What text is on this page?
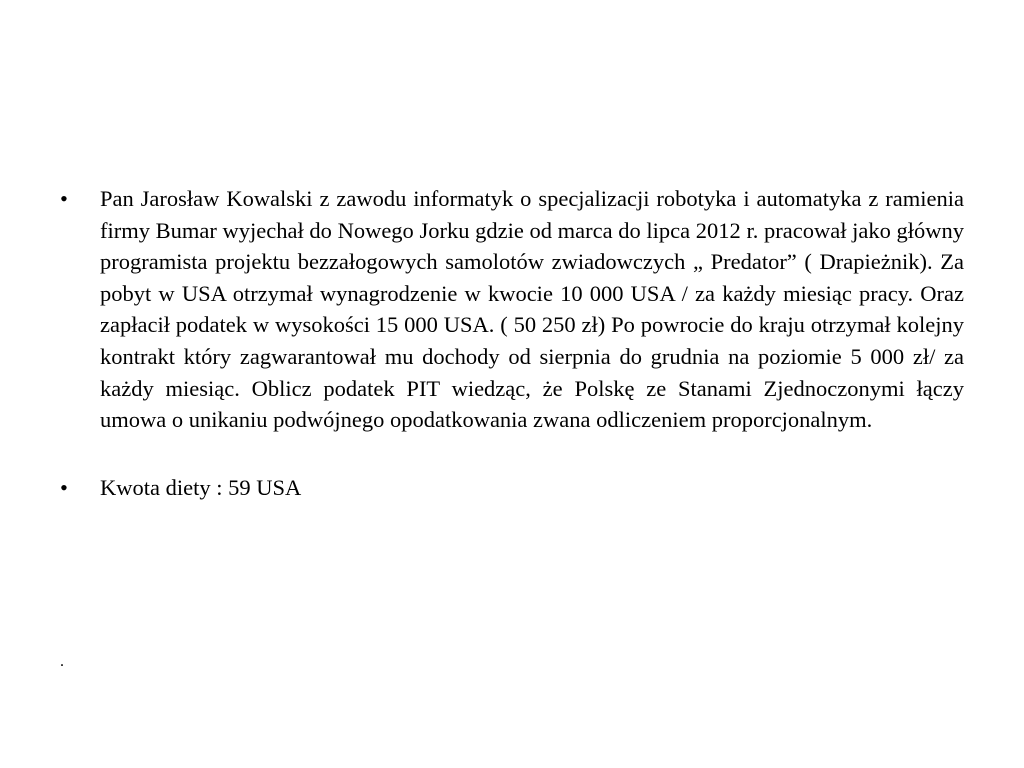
•	Pan Jarosław Kowalski z zawodu informatyk o specjalizacji robotyka i automatyka z ramienia firmy Bumar wyjechał do Nowego Jorku gdzie od marca do lipca 2012 r. pracował jako główny programista projektu bezzałogowych samolotów zwiadowczych „ Predator” ( Drapieżnik). Za pobyt w USA otrzymał wynagrodzenie w kwocie 10 000 USA / za każdy miesiąc pracy. Oraz zapłacił podatek w wysokości 15 000 USA. ( 50 250 zł) Po powrocie do kraju otrzymał kolejny kontrakt który zagwarantował mu dochody od sierpnia do grudnia na poziomie 5 000 zł/ za każdy miesiąc. Oblicz podatek PIT wiedząc, że Polskę ze Stanami Zjednoczonymi łączy umowa o unikaniu podwójnego opodatkowania zwana odliczeniem proporcjonalnym.
•	Kwota diety : 59 USA
.
